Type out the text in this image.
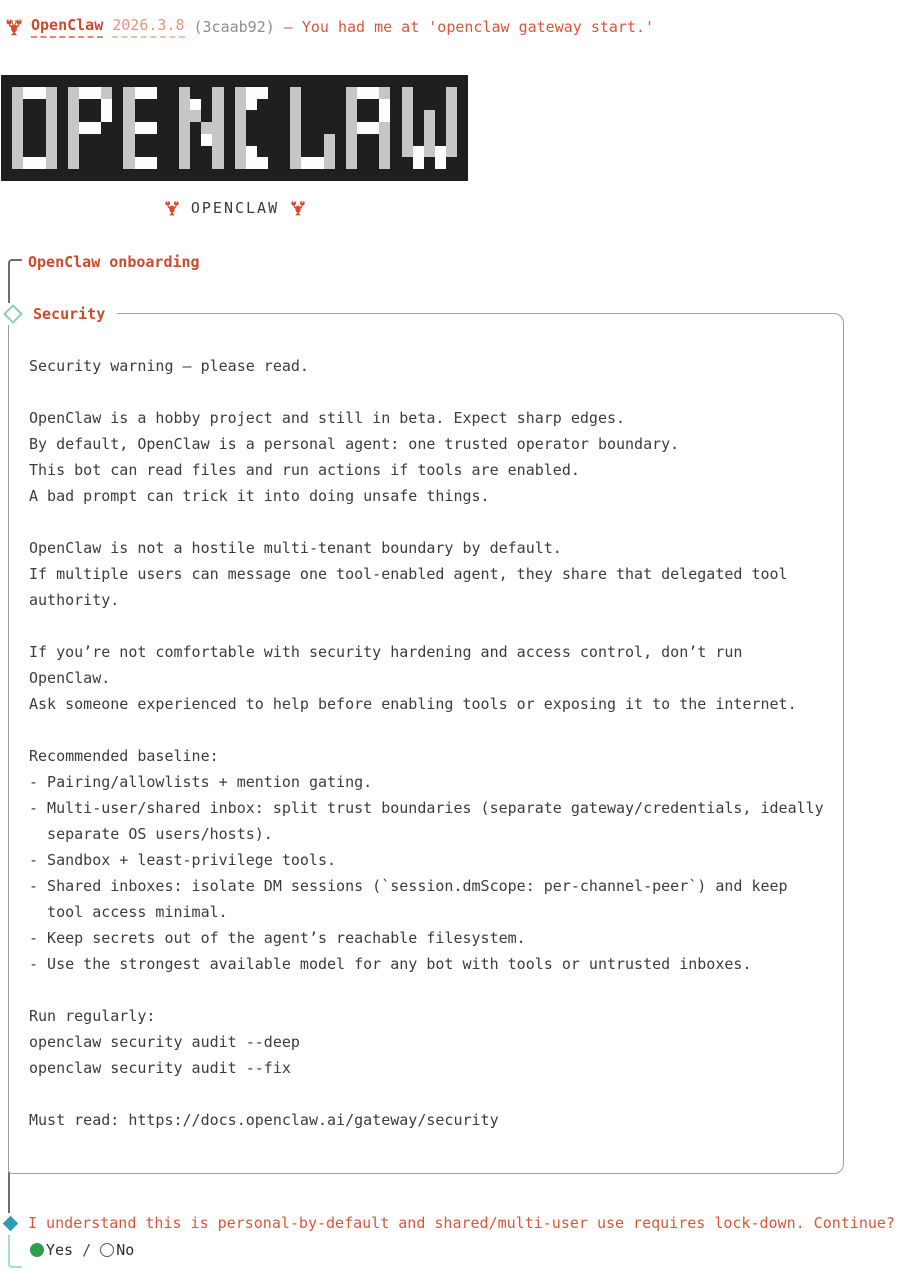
OpenClaw 2026.3.8 (3caab92) — You had me at 'openclaw gateway start.'
OPENCLAW
OpenClaw onboarding
Security
Security warning — please read.
OpenClaw is a hobby project and still in beta. Expect sharp edges.
By default, OpenClaw is a personal agent: one trusted operator boundary.
This bot can read files and run actions if tools are enabled.
A bad prompt can trick it into doing unsafe things.
OpenClaw is not a hostile multi-tenant boundary by default.
If multiple users can message one tool-enabled agent, they share that delegated tool
authority.
If you’re not comfortable with security hardening and access control, don’t run
OpenClaw.
Ask someone experienced to help before enabling tools or exposing it to the internet.
Recommended baseline:
- Pairing/allowlists + mention gating.
- Multi-user/shared inbox: split trust boundaries (separate gateway/credentials, ideally
separate OS users/hosts).
- Sandbox + least-privilege tools.
- Shared inboxes: isolate DM sessions (`session.dmScope: per-channel-peer`) and keep
tool access minimal.
- Keep secrets out of the agent’s reachable filesystem.
- Use the strongest available model for any bot with tools or untrusted inboxes.
Run regularly:
openclaw security audit --deep
openclaw security audit --fix
Must read: https://docs.openclaw.ai/gateway/security
I understand this is personal-by-default and shared/multi-user use requires lock-down. Continue?
Yes / No
